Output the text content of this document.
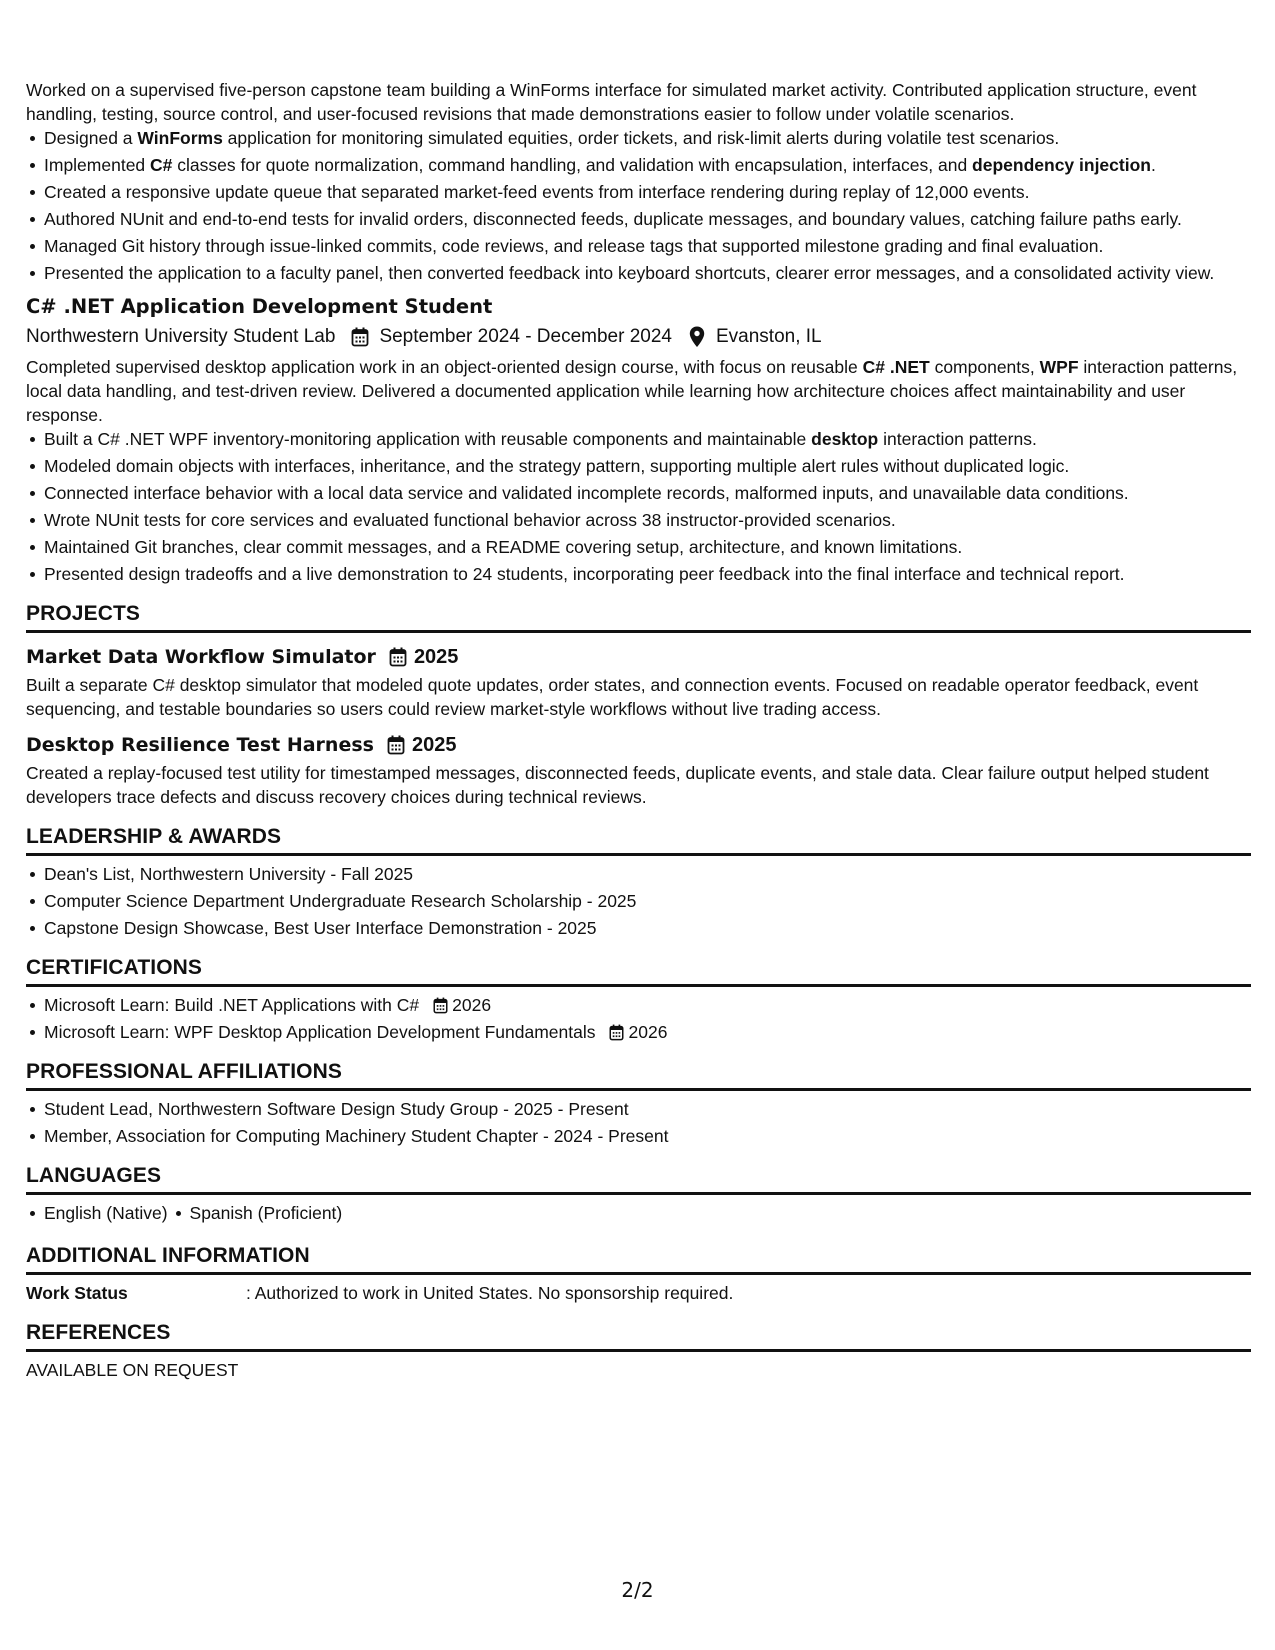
Worked on a supervised five-person capstone team building a WinForms interface for simulated market activity. Contributed application structure, event handling, testing, source control, and user-focused revisions that made demonstrations easier to follow under volatile scenarios.

Designed a WinForms application for monitoring simulated equities, order tickets, and risk-limit alerts during volatile test scenarios.
Implemented C# classes for quote normalization, command handling, and validation with encapsulation, interfaces, and dependency injection.
Created a responsive update queue that separated market-feed events from interface rendering during replay of 12,000 events.
Authored NUnit and end-to-end tests for invalid orders, disconnected feeds, duplicate messages, and boundary values, catching failure paths early.
Managed Git history through issue-linked commits, code reviews, and release tags that supported milestone grading and final evaluation.
Presented the application to a faculty panel, then converted feedback into keyboard shortcuts, clearer error messages, and a consolidated activity view.
C# .NET Application Development Student
Northwestern University Student Lab September 2024 - December 2024 Evanston, IL

Completed supervised desktop application work in an object-oriented design course, with focus on reusable C# .NET components, WPF interaction patterns, local data handling, and test-driven review. Delivered a documented application while learning how architecture choices affect maintainability and user response.

Built a C# .NET WPF inventory-monitoring application with reusable components and maintainable desktop interaction patterns.
Modeled domain objects with interfaces, inheritance, and the strategy pattern, supporting multiple alert rules without duplicated logic.
Connected interface behavior with a local data service and validated incomplete records, malformed inputs, and unavailable data conditions.
Wrote NUnit tests for core services and evaluated functional behavior across 38 instructor-provided scenarios.
Maintained Git branches, clear commit messages, and a README covering setup, architecture, and known limitations.
Presented design tradeoffs and a live demonstration to 24 students, incorporating peer feedback into the final interface and technical report.
PROJECTS
Market Data Workflow Simulator 2025

Built a separate C# desktop simulator that modeled quote updates, order states, and connection events. Focused on readable operator feedback, event sequencing, and testable boundaries so users could review market-style workflows without live trading access.

Desktop Resilience Test Harness 2025

Created a replay-focused test utility for timestamped messages, disconnected feeds, duplicate events, and stale data. Clear failure output helped student developers trace defects and discuss recovery choices during technical reviews.

LEADERSHIP & AWARDS
Dean's List, Northwestern University - Fall 2025
Computer Science Department Undergraduate Research Scholarship - 2025
Capstone Design Showcase, Best User Interface Demonstration - 2025
CERTIFICATIONS
Microsoft Learn: Build .NET Applications with C# 2026
Microsoft Learn: WPF Desktop Application Development Fundamentals 2026
PROFESSIONAL AFFILIATIONS
Student Lead, Northwestern Software Design Study Group - 2025 - Present
Member, Association for Computing Machinery Student Chapter - 2024 - Present
LANGUAGES
English (Native) Spanish (Proficient)
ADDITIONAL INFORMATION
Work Status	: Authorized to work in United States. No sponsorship required.
REFERENCES

AVAILABLE ON REQUEST

2/2
